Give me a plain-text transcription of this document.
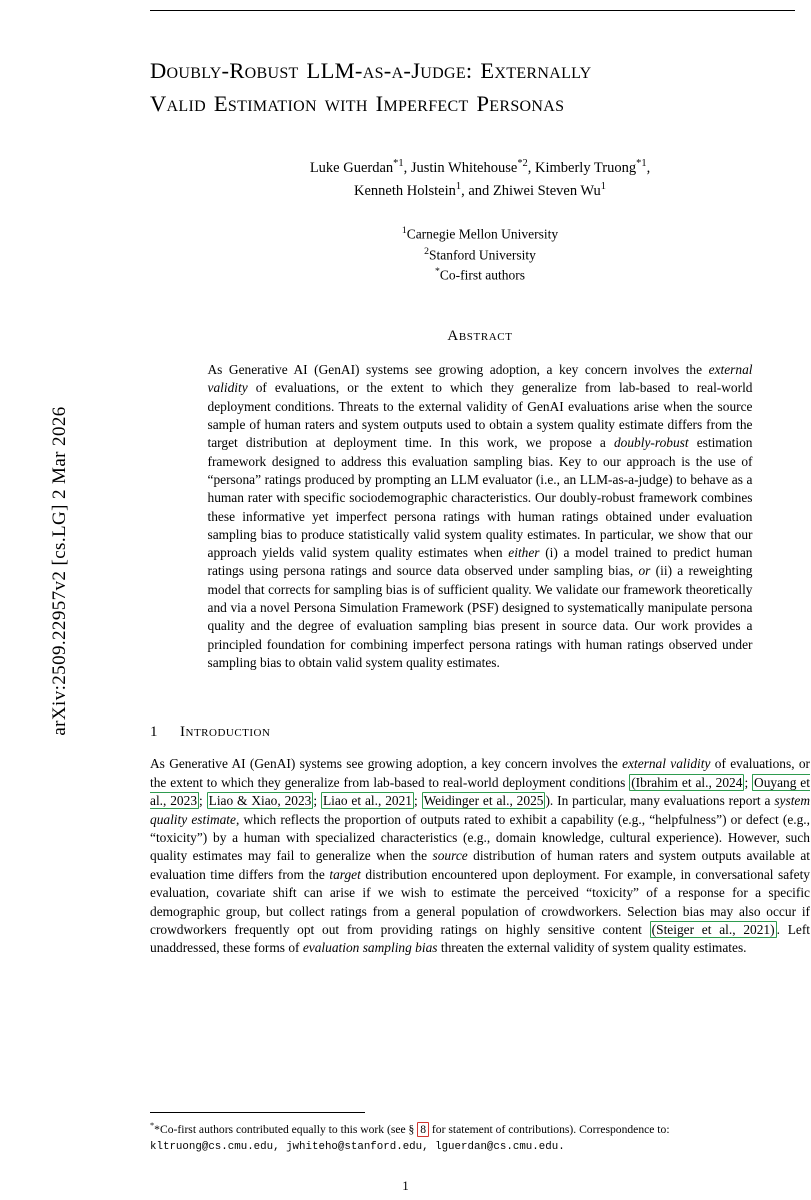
arXiv:2509.22957v2 [cs.LG] 2 Mar 2026
Doubly-Robust LLM-as-a-Judge: Externally
Valid Estimation with Imperfect Personas
Luke Guerdan$^{*1}$, Justin Whitehouse$^{*2}$, Kimberly Truong$^{*1}$,
Kenneth Holstein$^1$, and Zhiwei Steven Wu$^1$
$^1$Carnegie Mellon University
$^2$Stanford University
*Co-first authors
Abstract
As Generative AI (GenAI) systems see growing adoption, a key concern involves the external validity of evaluations, or the extent to which they generalize from lab-based to real-world deployment conditions. Threats to the external validity of GenAI evaluations arise when the source sample of human raters and system outputs used to obtain a system quality estimate differs from the target distribution at deployment time. In this work, we propose a doubly-robust estimation framework designed to address this evaluation sampling bias. Key to our approach is the use of “persona” ratings produced by prompting an LLM evaluator (i.e., an LLM-as-a-judge) to behave as a human rater with specific sociodemographic characteristics. Our doubly-robust framework combines these informative yet imperfect persona ratings with human ratings obtained under evaluation sampling bias to produce statistically valid system quality estimates. In particular, we show that our approach yields valid system quality estimates when either (i) a model trained to predict human ratings using persona ratings and source data observed under sampling bias, or (ii) a reweighting model that corrects for sampling bias is of sufficient quality. We validate our framework theoretically and via a novel Persona Simulation Framework (PSF) designed to systematically manipulate persona quality and the degree of evaluation sampling bias present in source data. Our work provides a principled foundation for combining imperfect persona ratings with human ratings observed under sampling bias to obtain valid system quality estimates.
1 Introduction
As Generative AI (GenAI) systems see growing adoption, a key concern involves the external validity of evaluations, or the extent to which they generalize from lab-based to real-world deployment conditions (Ibrahim et al., 2024 ; Ouyang et al., 2023 ; Liao & Xiao, 2023 ; Liao et al., 2021 ; Weidinger et al., 2025 ). In particular, many evaluations report a system quality estimate, which reflects the proportion of outputs rated to exhibit a capability (e.g., “helpfulness”) or defect (e.g., “toxicity”) by a human with specialized characteristics (e.g., domain knowledge, cultural experience). However, such quality estimates may fail to generalize when the source distribution of human raters and system outputs available at evaluation time differs from the target distribution encountered upon deployment. For example, in conversational safety evaluation, covariate shift can arise if we wish to estimate the perceived “toxicity” of a response for a specific demographic group, but collect ratings from a general population of crowdworkers. Selection bias may also occur if crowdworkers frequently opt out from providing ratings on highly sensitive content (Steiger et al., 2021) . Left unaddressed, these forms of evaluation sampling bias threaten the external validity of system quality estimates.
**Co-first authors contributed equally to this work (see § 8 for statement of contributions). Correspondence to:
kltruong@cs.cmu.edu, jwhiteho@stanford.edu, lguerdan@cs.cmu.edu.
1
